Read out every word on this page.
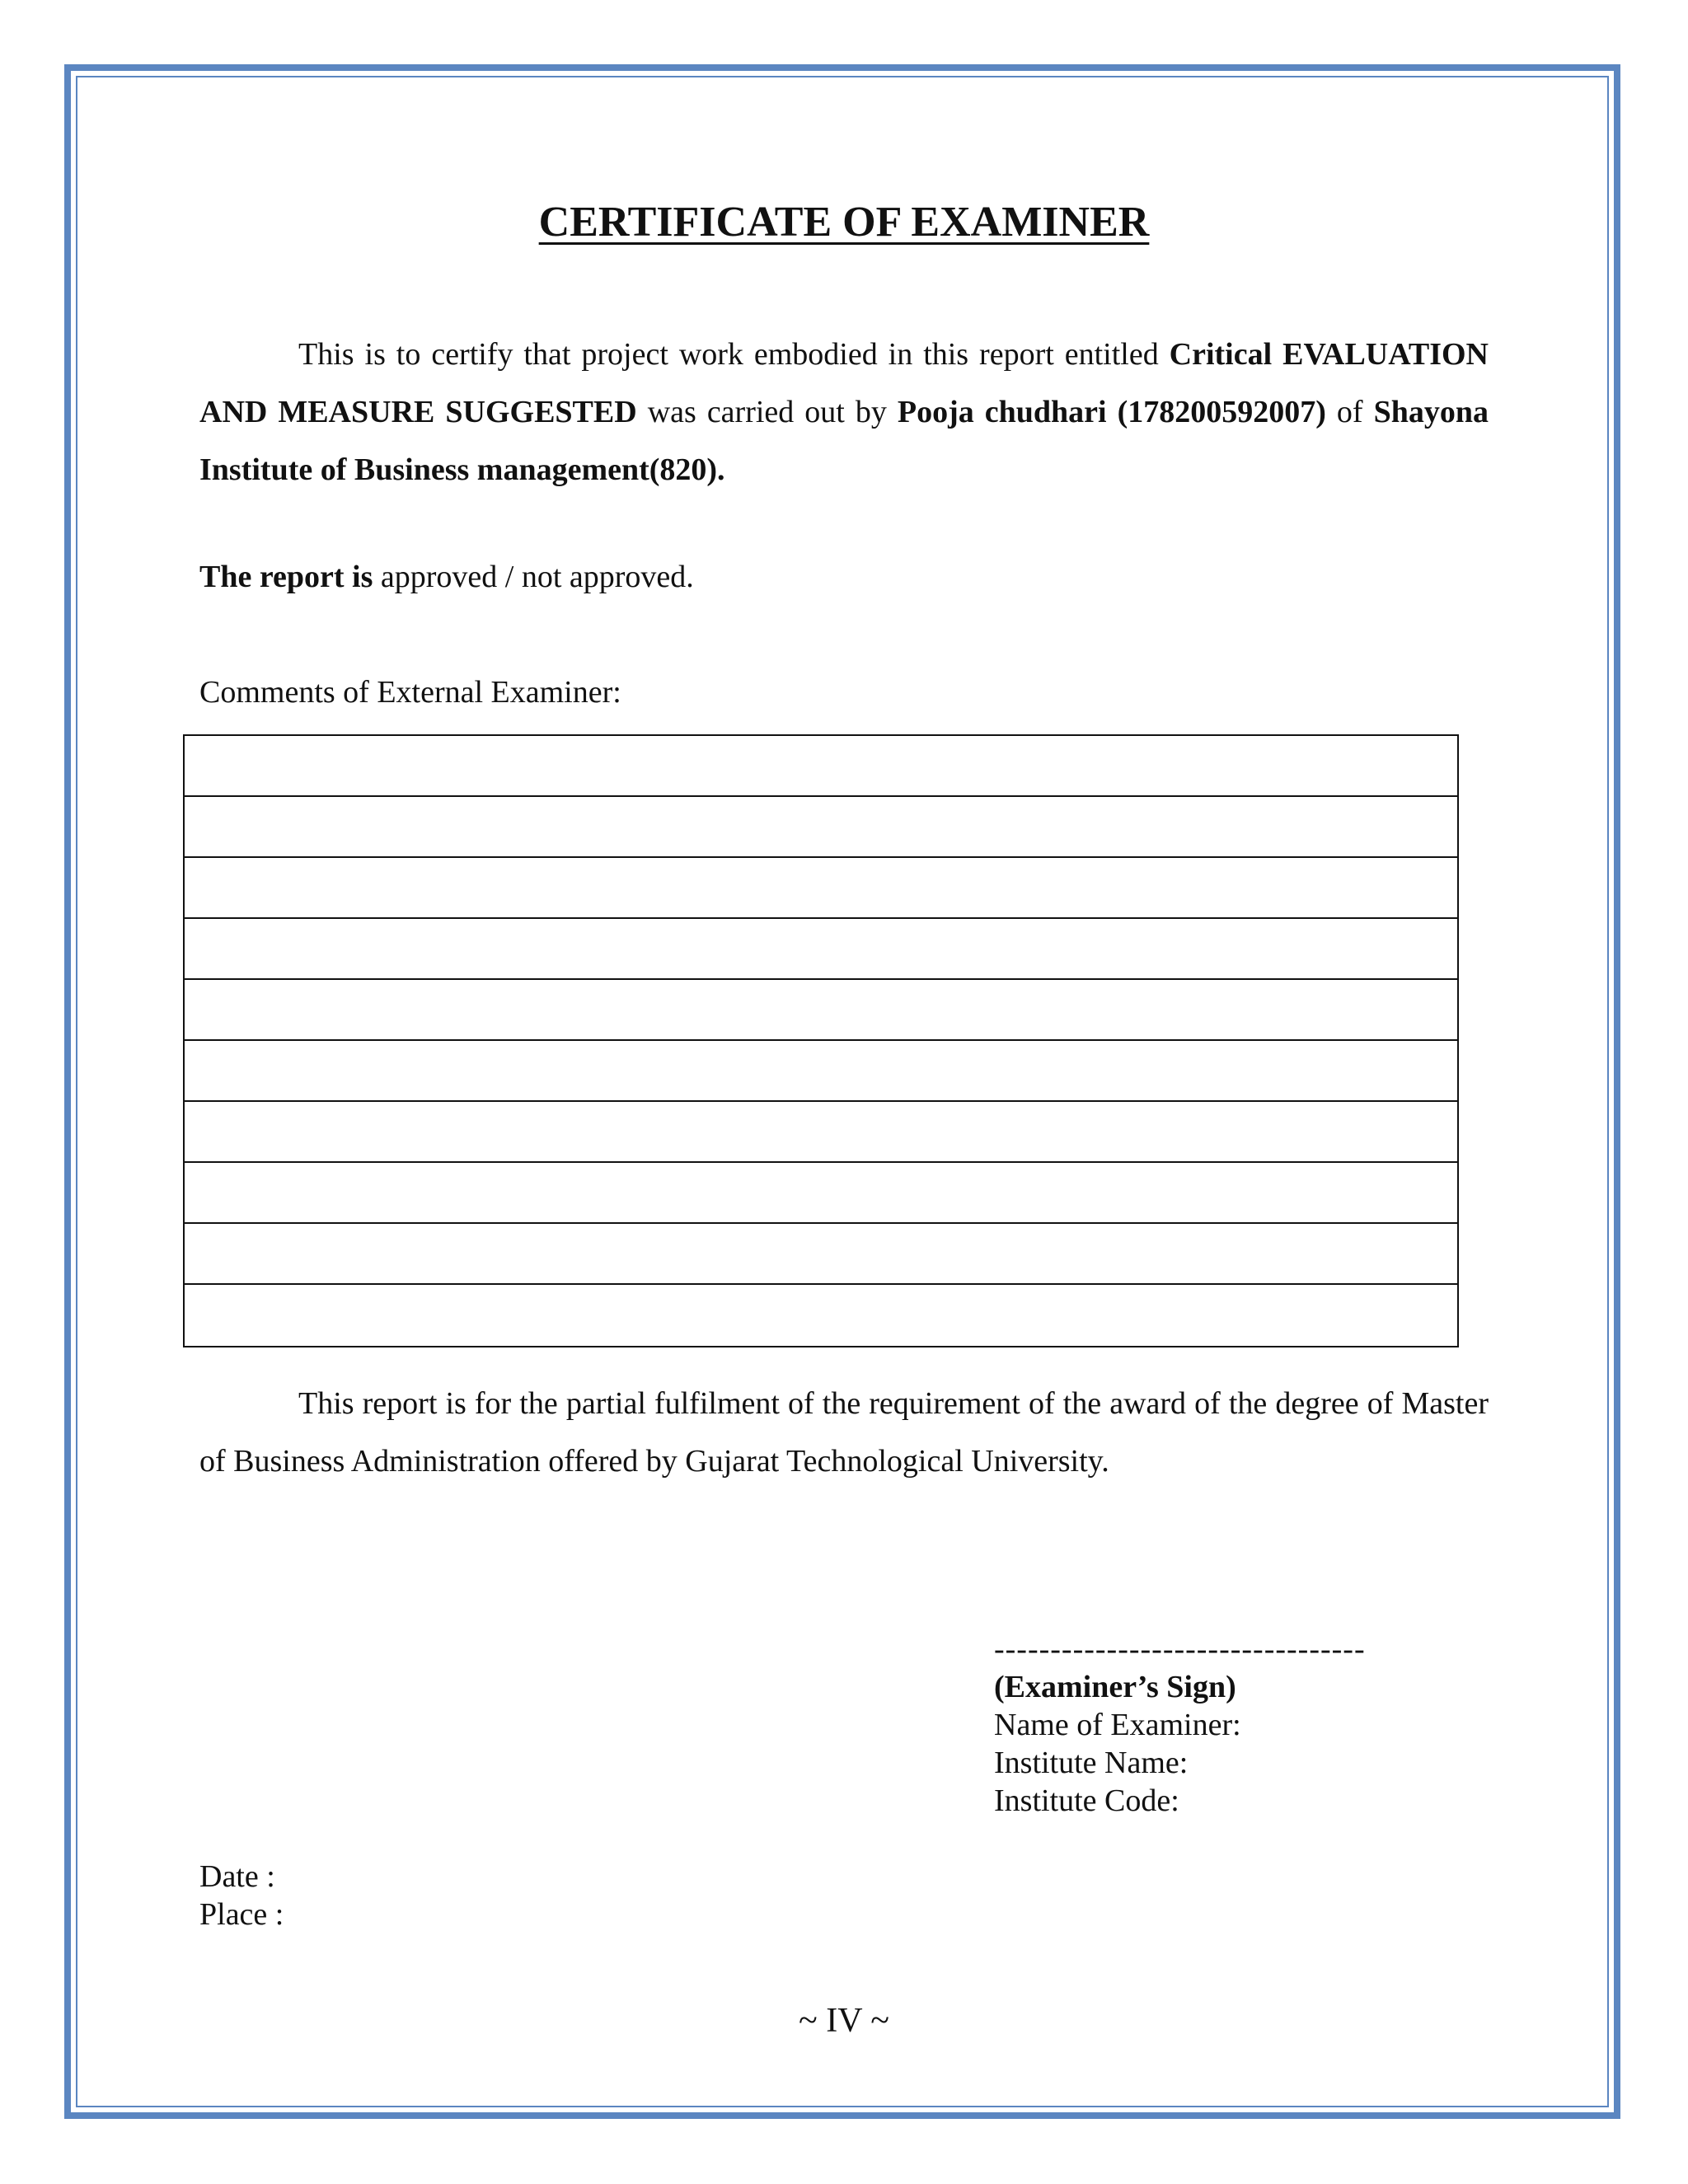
CERTIFICATE OF EXAMINER
This is to certify that project work embodied in this report entitled Critical EVALUATION AND MEASURE SUGGESTED was carried out by Pooja chudhari (178200592007) of Shayona Institute of Business management(820).
The report is approved / not approved.
Comments of External Examiner:
This report is for the partial fulfilment of the requirement of the award of the degree of Master of Business Administration offered by Gujarat Technological University.
---------------------------------
(Examiner’s Sign)
Name of Examiner:
Institute Name:
Institute Code:
Date :
Place :
~ IV ~
